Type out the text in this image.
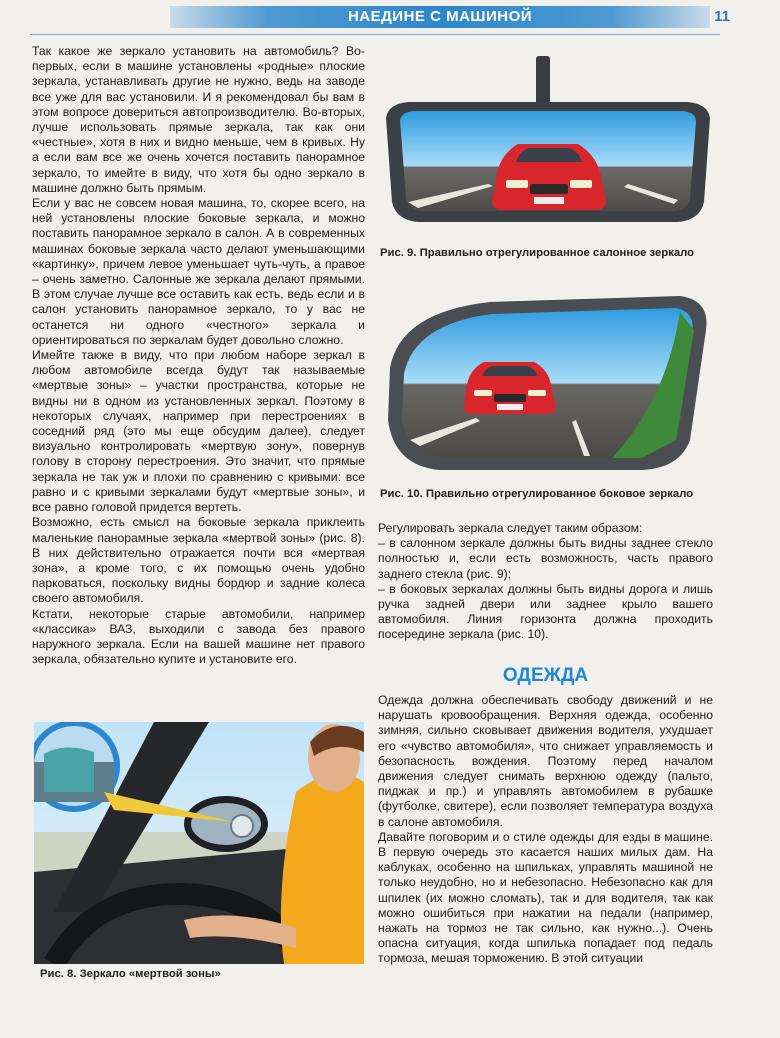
НАЕДИНЕ С МАШИНОЙ	11

Так какое же зеркало установить на автомобиль? Во-первых, если в машине установлены «родные» плоские зеркала, устанавливать другие не нужно, ведь на заводе все уже для вас установили. И я рекомендовал бы вам в этом вопросе довериться автопроизводителю. Во-вторых, лучше использовать прямые зеркала, так как они «честные», хотя в них и видно меньше, чем в кривых. Ну а если вам все же очень хочется поставить панорамное зеркало, то имейте в виду, что хотя бы одно зеркало в машине должно быть прямым.

Если у вас не совсем новая машина, то, скорее всего, на ней установлены плоские боковые зеркала, и можно поставить панорамное зеркало в салон. А в современных машинах боковые зеркала часто делают уменьшающими «картинку», причем левое уменьшает чуть-чуть, а правое – очень заметно. Салонные же зеркала делают прямыми. В этом случае лучше все оставить как есть, ведь если и в салон установить панорамное зеркало, то у вас не останется ни одного «честного» зеркала и ориентироваться по зеркалам будет довольно сложно.

Имейте также в виду, что при любом наборе зеркал в любом автомобиле всегда будут так называемые «мертвые зоны» – участки пространства, которые не видны ни в одном из установленных зеркал. Поэтому в некоторых случаях, например при перестроениях в соседний ряд (это мы еще обсудим далее), следует визуально контролировать «мертвую зону», повернув голову в сторону перестроения. Это значит, что прямые зеркала не так уж и плохи по сравнению с кривыми: все равно и с кривыми зеркалами будут «мертвые зоны», и все равно головой придется вертеть.

Возможно, есть смысл на боковые зеркала приклеить маленькие панорамные зеркала «мертвой зоны» (рис. 8). В них действительно отражается почти вся «мертвая зона», а кроме того, с их помощью очень удобно парковаться, поскольку видны бордюр и задние колеса своего автомобиля.

Кстати, некоторые старые автомобили, например «классика» ВАЗ, выходили с завода без правого наружного зеркала. Если на вашей машине нет правого зеркала, обязательно купите и установите его.

Рис. 9. Правильно отрегулированное салонное зеркало
Рис. 10. Правильно отрегулированное боковое зеркало

Регулировать зеркала следует таким образом:

– в салонном зеркале должны быть видны заднее стекло полностью и, если есть возможность, часть правого заднего стекла (рис. 9);

– в боковых зеркалах должны быть видны дорога и лишь ручка задней двери или заднее крыло вашего автомобиля. Линия горизонта должна проходить посередине зеркала (рис. 10).

ОДЕЖДА

Одежда должна обеспечивать свободу движений и не нарушать кровообращения. Верхняя одежда, особенно зимняя, сильно сковывает движения водителя, ухудшает его «чувство автомобиля», что снижает управляемость и безопасность вождения. Поэтому перед началом движения следует снимать верхнюю одежду (пальто, пиджак и пр.) и управлять автомобилем в рубашке (футболке, свитере), если позволяет температура воздуха в салоне автомобиля.

Давайте поговорим и о стиле одежды для езды в машине. В первую очередь это касается наших милых дам. На каблуках, особенно на шпильках, управлять машиной не только неудобно, но и небезопасно. Небезопасно как для шпилек (их можно сломать), так и для водителя, так как можно ошибиться при нажатии на педали (например, нажать на тормоз не так сильно, как нужно...). Очень опасна ситуация, когда шпилька попадает под педаль тормоза, мешая торможению. В этой ситуации

Рис. 8. Зеркало «мертвой зоны»
